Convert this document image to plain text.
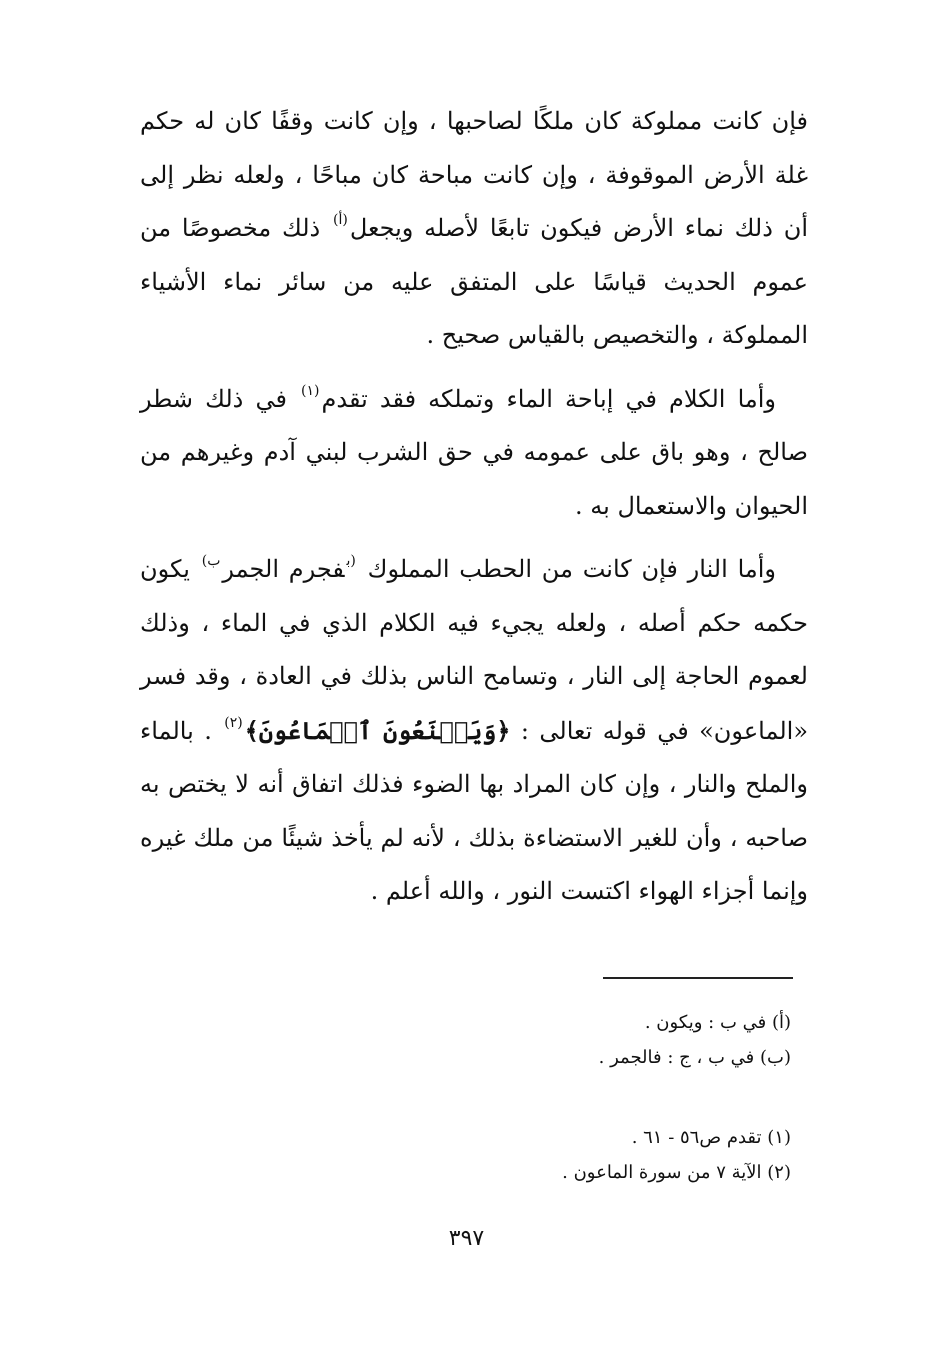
فإن كانت مملوكة كان ملكًا لصاحبها ، وإن كانت وقفًا كان له حكم غلة الأرض الموقوفة ، وإن كانت مباحة كان مباحًا ، ولعله نظر إلى أن ذلك نماء الأرض فيكون تابعًا لأصله ويجعل$^{(أ)}$ ذلك مخصوصًا من عموم الحديث قياسًا على المتفق عليه من سائر نماء الأشياء المملوكة ، والتخصيص بالقياس صحيح .

وأما الكلام في إباحة الماء وتملكه فقد تقدم$^{(١)}$ في ذلك شطر صالح ، وهو باق على عمومه في حق الشرب لبني آدم وغيرهم من الحيوان والاستعمال به .

وأما النار فإن كانت من الحطب المملوك $^{(ب}$فجرم الجمر$^{ب)}$ يكون حكمه حكم أصله ، ولعله يجيء فيه الكلام الذي في الماء ، وذلك لعموم الحاجة إلى النار ، وتسامح الناس بذلك في العادة ، وقد فسر «الماعون» في قوله تعالى : ﴿وَيَمۡنَعُونَ ٱلۡمَاعُونَ﴾$^{(٢)}$ . بالماء والملح والنار ، وإن كان المراد بها الضوء فذلك اتفاق أنه لا يختص به صاحبه ، وأن للغير الاستضاءة بذلك ، لأنه لم يأخذ شيئًا من ملك غيره وإنما أجزاء الهواء اكتست النور ، والله أعلم .

(أ) في ب : ويكون .
(ب) في ب ، ج : فالجمر .
(١) تقدم ص٥٦ - ٦١ .
(٢) الآية ٧ من سورة الماعون .
٣٩٧
